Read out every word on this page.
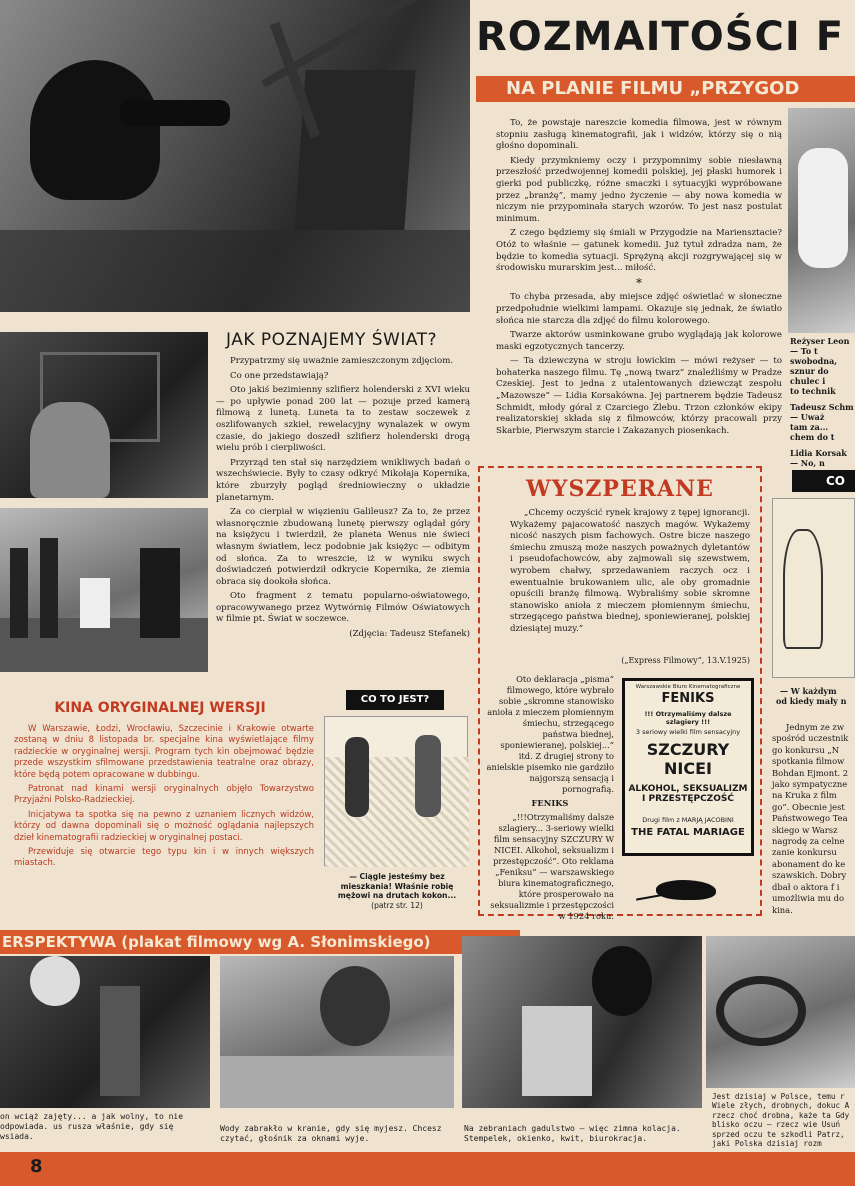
ROZMAITOŚCI F
NA PLANIE FILMU „PRZYGOD

To, że powstaje nareszcie komedia filmowa, jest w równym stopniu zasługą kinematografii, jak i widzów, którzy się o nią głośno dopominali.

Kiedy przymkniemy oczy i przypomnimy sobie niesławną przeszłość przedwojennej komedii polskiej, jej płaski humorek i gierki pod publiczkę, różne smaczki i sytuacyjki wypróbowane przez „branżę”, mamy jedno życzenie — aby nowa komedia w niczym nie przypominała starych wzorów. To jest nasz postulat minimum.

Z czego będziemy się śmiali w Przygodzie na Mariensztacie? Otóż to właśnie — gatunek komedii. Już tytuł zdradza nam, że będzie to komedia sytuacji. Sprężyną akcji rozgrywającej się w środowisku murarskim jest... miłość.

*

To chyba przesada, aby miejsce zdjęć oświetlać w słoneczne przedpołudnie wielkimi lampami. Okazuje się jednak, że światło słońca nie starcza dla zdjęć do filmu kolorowego.

Twarze aktorów usminkowane grubo wyglądają jak kolorowe maski egzotycznych tancerzy.

— Ta dziewczyna w stroju łowickim — mówi reżyser — to bohaterka naszego filmu. Tę „nową twarz” znaleźliśmy w Pradze Czeskiej. Jest to jedna z utalentowanych dziewcząt zespołu „Mazowsze” — Lidia Korsakówna. Jej partnerem będzie Tadeusz Schmidt, młody góral z Czarciego Żlebu. Trzon członków ekipy realizatorskiej składa się z filmowców, którzy pracowali przy Skarbie, Pierwszym starcie i Zakazanych piosenkach.

Reżyser Leon
— To t
swobodna,
sznur do
chulec i
to technik
Tadeusz Schm
— Uważ
tam za...
chem do t
Lidia Korsak
— No, n
JAK POZNAJEMY ŚWIAT?

Przypatrzmy się uważnie zamieszczonym zdjęciom.

Co one przedstawiają?

Oto jakiś bezimienny szlifierz holenderski z XVI wieku — po upływie ponad 200 lat — pozuje przed kamerą filmową z lunetą. Luneta ta to zestaw soczewek z oszlifowanych szkieł, rewelacyjny wynalazek w owym czasie, do jakiego doszedł szlifierz holenderski drogą wielu prób i cierpliwości.

Przyrząd ten stał się narzędziem wnikliwych badań o wszechświecie. Były to czasy odkryć Mikołaja Kopernika, które zburzyły pogląd średniowieczny o układzie planetarnym.

Za co cierpiał w więzieniu Galileusz? Za to, że przez własnoręcznie zbudowaną lunetę pierwszy oglądał góry na księżycu i twierdził, że planeta Wenus nie świeci własnym światłem, lecz podobnie jak księżyc — odbitym od słońca. Za to wreszcie, iż w wyniku swych doświadczeń potwierdził odkrycie Kopernika, że ziemia obraca się dookoła słońca.

Oto fragment z tematu popularno-oświatowego, opracowywanego przez Wytwórnię Filmów Oświatowych w filmie pt. Świat w soczewce.

(Zdjęcia: Tadeusz Stefanek)

KINA ORYGINALNEJ WERSJI

W Warszawie, Łodzi, Wrocławiu, Szczecinie i Krakowie otwarte zostaną w dniu 8 listopada br. specjalne kina wyświetlające filmy radzieckie w oryginalnej wersji. Program tych kin obejmować będzie przede wszystkim sfilmowane przedstawienia teatralne oraz obrazy, które będą potem opracowane w dubbingu.

Patronat nad kinami wersji oryginalnych objęło Towarzystwo Przyjaźni Polsko-Radzieckiej.

Inicjatywa ta spotka się na pewno z uznaniem licznych widzów, którzy od dawna dopominali się o możność oglądania najlepszych dzieł kinematografii radzieckiej w oryginalnej postaci.

Przewiduje się otwarcie tego typu kin i w innych większych miastach.

CO TO JEST?
— Ciągle jesteśmy bez mieszkania! Właśnie robię mężowi na drutach kokon... (patrz str. 12)
WYSZPERANE

„Chcemy oczyścić rynek krajowy z tępej ignorancji. Wykażemy pajacowatość naszych magów. Wykażemy nicość naszych pism fachowych. Ostre bicze naszego śmiechu zmuszą może naszych poważnych dyletantów i pseudofachowców, aby zajmowali się szewstwem, wyrobem chałwy, sprzedawaniem raczych ocz i ewentualnie brukowaniem ulic, ale oby gromadnie opuścili branżę filmową. Wybraliśmy sobie skromne stanowisko anioła z mieczem płomiennym śmiechu, strzegącego państwa biednej, sponiewieranej, polskiej dziesiątej muzy.”

(„Express Filmowy”, 13.V.1925)

Oto deklaracja „pisma” filmowego, które wybrało sobie „skromne stanowisko anioła z mieczem płomiennym śmiechu, strzegącego państwa biednej, sponiewieranej, polskiej...” itd. Z drugiej strony to anielskie pisemko nie gardziło najgorszą sensacją i pornografią.

FENIKS

„!!!Otrzymaliśmy dalsze szlagiery... 3-seriowy wielki film sensacyjny SZCZURY W NICEI. Alkohol, seksualizm i przestępczość”. Oto reklama „Feniksu” — warszawskiego biura kinematograficznego, które prosperowało na seksualizmie i przestępczości w 1924 roku.

Warszawskie Biuro Kinematograficzne
FENIKS
!!! Otrzymaliśmy dalsze szlagiery !!!
3 seriowy wielki film sensacyjny
SZCZURY NICEI
ALKOHOL, SEKSUALIZM
I PRZESTĘPCZOŚĆ
Drugi film z MARJĄ JACOBINI
THE FATAL MARIAGE
CO
— W każdym
od kiedy mały n

Jednym ze zw spośród uczestnik go konkursu „N spotkania filmow Bohdan Ejmont. 2 jako sympatyczne na Kruka z film go”. Obecnie jest Państwowego Tea skiego w Warsz nagrodę za celne zanie konkursu abonament do ke szawskich. Dobry dbał o aktora f i umożliwia mu do kina.

ERSPEKTYWA (plakat filmowy wg A. Słonimskiego)
on wciąż zajęty... a jak wolny, to nie odpowiada. us rusza właśnie, gdy się wsiada.
Wody zabrakło w kranie, gdy się myjesz. Chcesz czytać, głośnik za oknami wyje.
Na zebraniach gadulstwo — więc zimna kolacja. Stempelek, okienko, kwit, biurokracja.
Jest dzisiaj w Polsce, temu r Wiele złych, drobnych, dokuc A rzecz choć drobna, każe ta Gdy blisko oczu — rzecz wie Usuń sprzed oczu te szkodli Patrz, jaki Polska dzisiaj rozm
8
